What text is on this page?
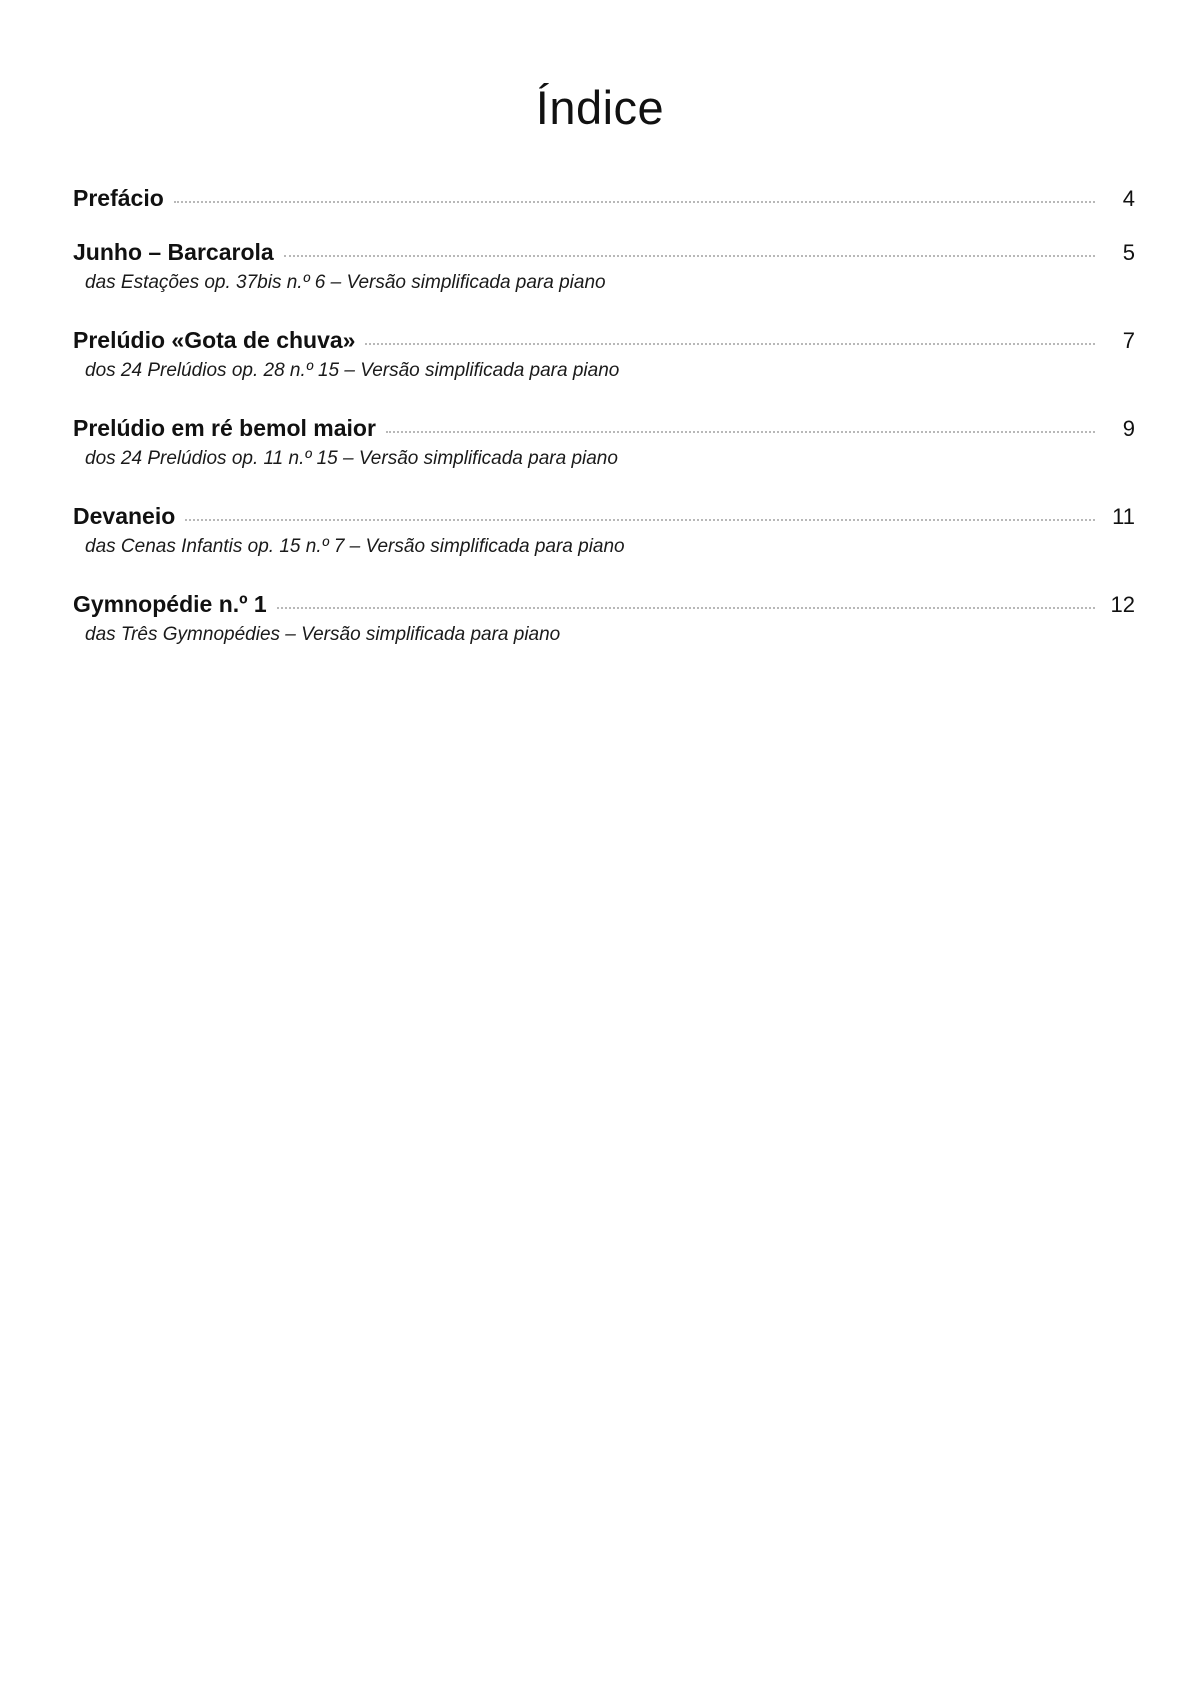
Índice
Prefácio	4
Junho – Barcarola	5
das Estações op. 37bis n.º 6 – Versão simplificada para piano
Prelúdio «Gota de chuva»	7
dos 24 Prelúdios op. 28 n.º 15 – Versão simplificada para piano
Prelúdio em ré bemol maior	9
dos 24 Prelúdios op. 11 n.º 15 – Versão simplificada para piano
Devaneio	11
das Cenas Infantis op. 15 n.º 7 – Versão simplificada para piano
Gymnopédie n.º 1	12
das Três Gymnopédies – Versão simplificada para piano
